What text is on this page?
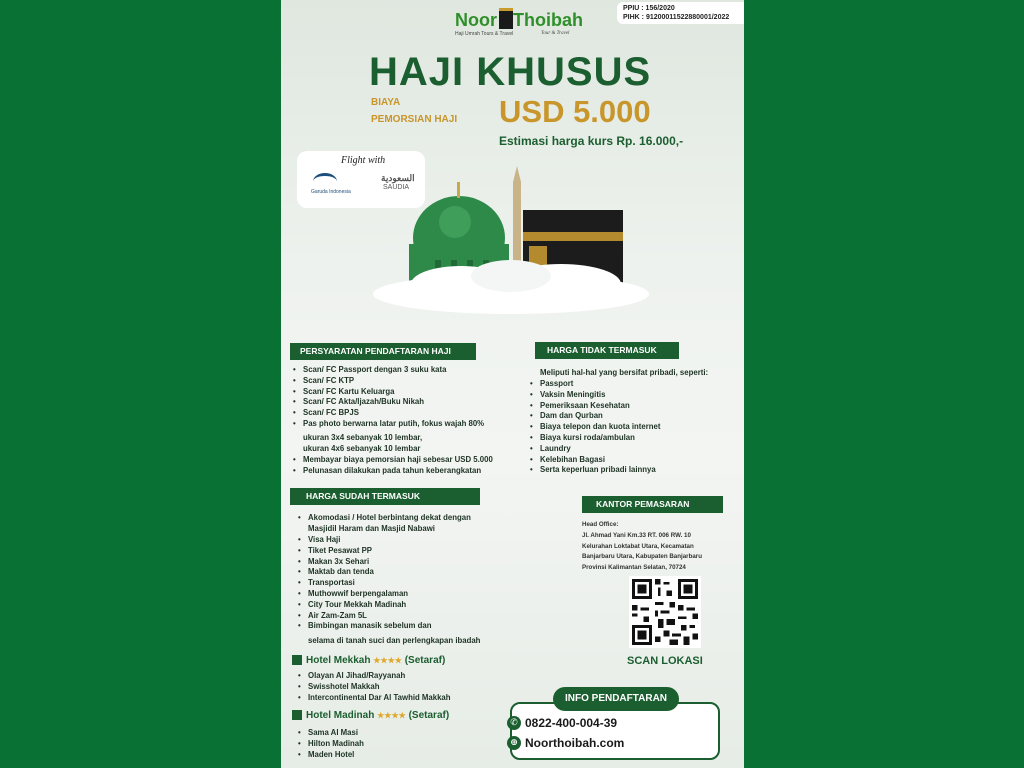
Noor Thoibah
Haji Umrah Tours & Travel	Tour & Travel
PPIU : 156/2020
PIHK : 91200011522880001/2022
HAJI KHUSUS
BIAYA
PEMORSIAN HAJI USD 5.000
Estimasi harga kurs Rp. 16.000,-
Flight with
Garuda Indonesia
السعودية
SAUDIA
PERSYARATAN PENDAFTARAN HAJI
• Scan/ FC Passport dengan 3 suku kata
• Scan/ FC KTP
• Scan/ FC Kartu Keluarga
• Scan/ FC Akta/Ijazah/Buku Nikah
• Scan/ FC BPJS
• Pas photo berwarna latar putih, fokus wajah 80%
ukuran 3x4 sebanyak 10 lembar,
ukuran 4x6 sebanyak 10 lembar
• Membayar biaya pemorsian haji sebesar USD 5.000
• Pelunasan dilakukan pada tahun keberangkatan
HARGA TIDAK TERMASUK
Meliputi hal-hal yang bersifat pribadi, seperti:
• Passport
• Vaksin Meningitis
• Pemeriksaan Kesehatan
• Dam dan Qurban
• Biaya telepon dan kuota internet
• Biaya kursi roda/ambulan
• Laundry
• Kelebihan Bagasi
• Serta keperluan pribadi lainnya
HARGA SUDAH TERMASUK
• Akomodasi / Hotel berbintang dekat dengan
Masjidil Haram dan Masjid Nabawi
• Visa Haji
• Tiket Pesawat PP
• Makan 3x Sehari
• Maktab dan tenda
• Transportasi
• Muthowwif berpengalaman
• City Tour Mekkah Madinah
• Air Zam-Zam 5L
• Bimbingan manasik sebelum dan
selama di tanah suci dan perlengkapan ibadah
Hotel Mekkah ★★★★ (Setaraf)
• Olayan Al Jihad/Rayyanah
• Swisshotel Makkah
• Intercontinental Dar Al Tawhid Makkah
Hotel Madinah ★★★★ (Setaraf)
• Sama Al Masi
• Hilton Madinah
• Maden Hotel
KANTOR PEMASARAN
Head Office:
Jl. Ahmad Yani Km.33 RT. 006 RW. 10
Kelurahan Loktabat Utara, Kecamatan
Banjarbaru Utara, Kabupaten Banjarbaru
Provinsi Kalimantan Selatan, 70724
SCAN LOKASI
INFO PENDAFTARAN
✆ 0822-400-004-39
⊕ Noorthoibah.com
